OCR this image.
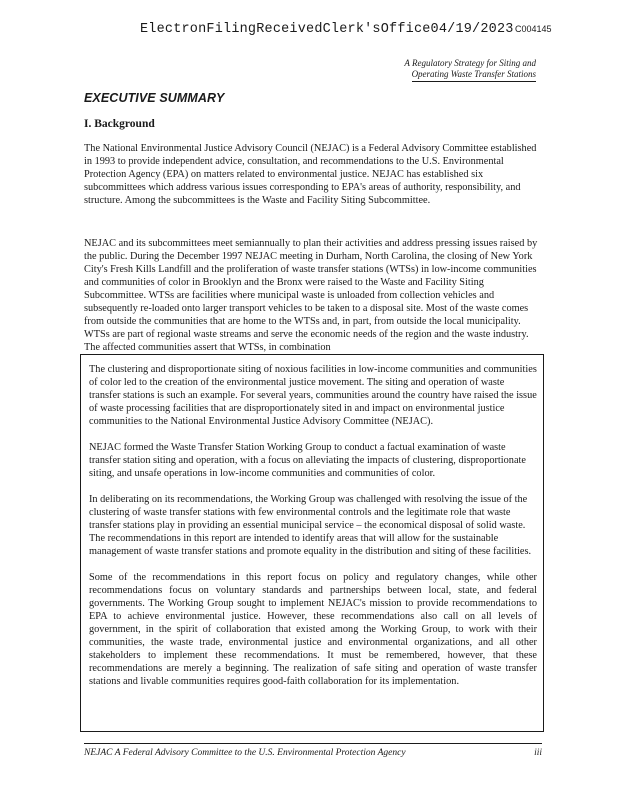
ElectronFilingReceivedClerk'sOffice04/19/2023 C004145
A Regulatory Strategy for Siting and
Operating Waste Transfer Stations
EXECUTIVE SUMMARY
I. Background

The National Environmental Justice Advisory Council (NEJAC) is a Federal Advisory Committee established in 1993 to provide independent advice, consultation, and recommendations to the U.S. Environmental Protection Agency (EPA) on matters related to environmental justice. NEJAC has established six subcommittees which address various issues corresponding to EPA's areas of authority, responsibility, and structure. Among the subcommittees is the Waste and Facility Siting Subcommittee.

NEJAC and its subcommittees meet semiannually to plan their activities and address pressing issues raised by the public. During the December 1997 NEJAC meeting in Durham, North Carolina, the closing of New York City's Fresh Kills Landfill and the proliferation of waste transfer stations (WTSs) in low-income communities and communities of color in Brooklyn and the Bronx were raised to the Waste and Facility Siting Subcommittee. WTSs are facilities where municipal waste is unloaded from collection vehicles and subsequently re-loaded onto larger transport vehicles to be taken to a disposal site. Most of the waste comes from outside the communities that are home to the WTSs and, in part, from outside the local municipality. WTSs are part of regional waste streams and serve the economic needs of the region and the waste industry. The affected communities assert that WTSs, in combination

The clustering and disproportionate siting of noxious facilities in low-income communities and communities of color led to the creation of the environmental justice movement. The siting and operation of waste transfer stations is such an example. For several years, communities around the country have raised the issue of waste processing facilities that are disproportionately sited in and impact on environmental justice communities to the National Environmental Justice Advisory Committee (NEJAC).

NEJAC formed the Waste Transfer Station Working Group to conduct a factual examination of waste transfer station siting and operation, with a focus on alleviating the impacts of clustering, disproportionate siting, and unsafe operations in low-income communities and communities of color.

In deliberating on its recommendations, the Working Group was challenged with resolving the issue of the clustering of waste transfer stations with few environmental controls and the legitimate role that waste transfer stations play in providing an essential municipal service – the economical disposal of solid waste. The recommendations in this report are intended to identify areas that will allow for the sustainable management of waste transfer stations and promote equality in the distribution and siting of these facilities.

Some of the recommendations in this report focus on policy and regulatory changes, while other recommendations focus on voluntary standards and partnerships between local, state, and federal governments. The Working Group sought to implement NEJAC's mission to provide recommendations to EPA to achieve environmental justice. However, these recommendations also call on all levels of government, in the spirit of collaboration that existed among the Working Group, to work with their communities, the waste trade, environmental justice and environmental organizations, and all other stakeholders to implement these recommendations. It must be remembered, however, that these recommendations are merely a beginning. The realization of safe siting and operation of waste transfer stations and livable communities requires good-faith collaboration for its implementation.

NEJAC A Federal Advisory Committee to the U.S. Environmental Protection Agency	iii
